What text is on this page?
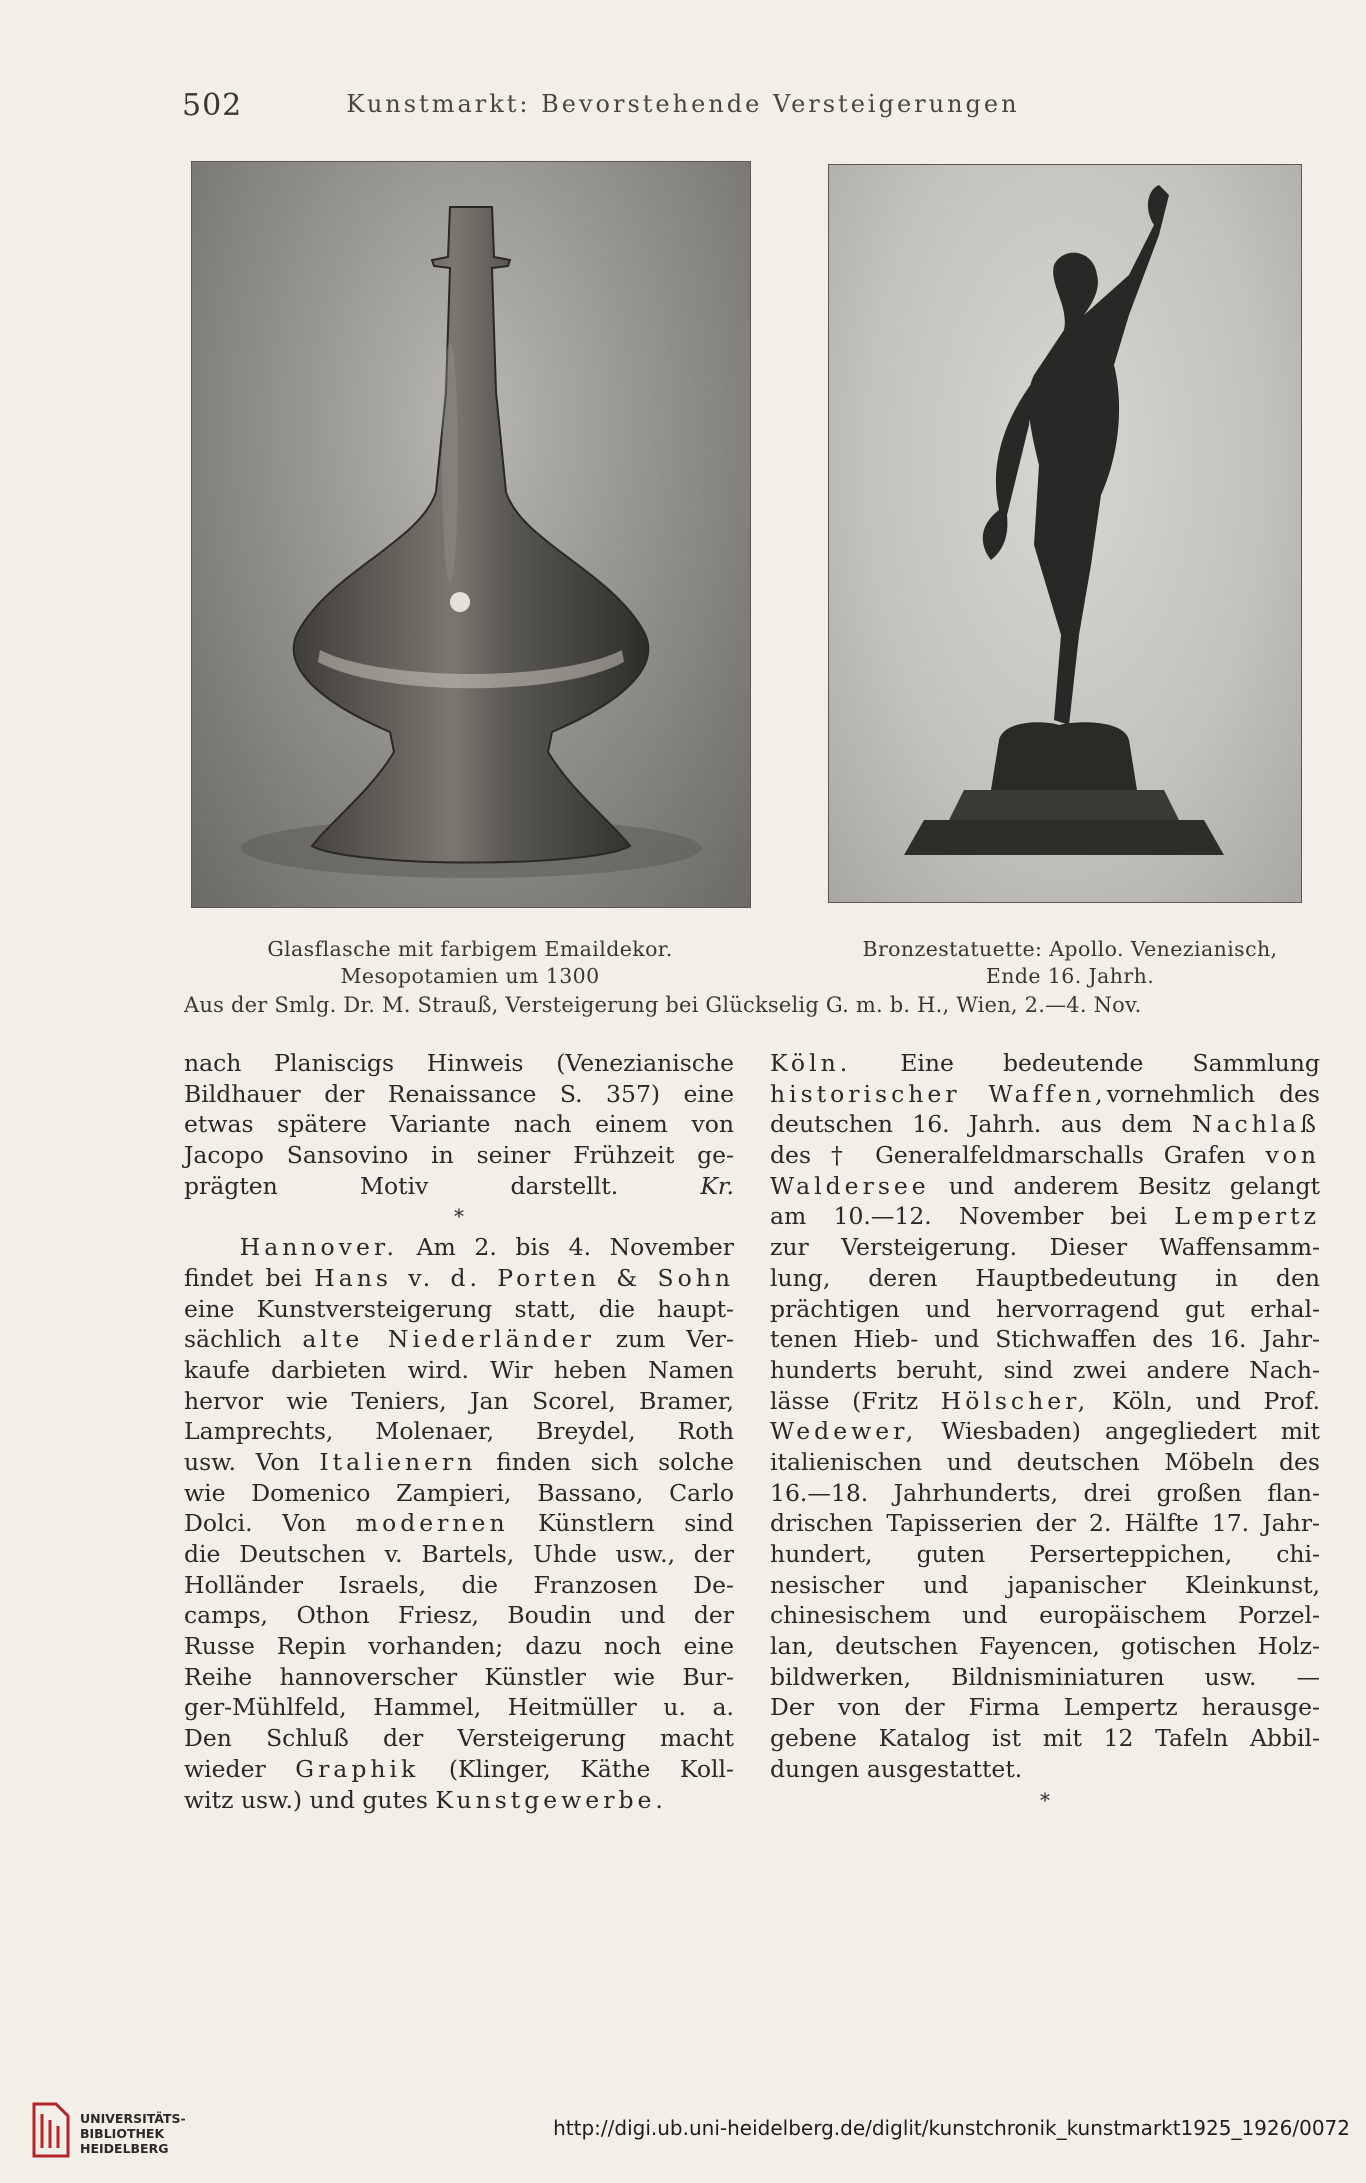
502	Kunstmarkt: Bevorstehende Versteigerungen
Glasflasche mit farbigem Emaildekor.
Mesopotamien um 1300
Bronzestatuette: Apollo. Venezianisch,
Ende 16. Jahrh.
Aus der Smlg. Dr. M. Strauß, Versteigerung bei Glückselig G. m. b. H., Wien, 2.—4. Nov.
nach Planiscigs Hinweis (Venezianische
Bildhauer der Renaissance S. 357) eine
etwas spätere Variante nach einem von
Jacopo Sansovino in seiner Frühzeit ge-
prägten Motiv darstellt.	Kr.
*
Hannover. Am 2. bis 4. November
findet bei Hans v. d. Porten & Sohn
eine Kunstversteigerung statt, die haupt-
sächlich alte Niederländer zum Ver-
kaufe darbieten wird. Wir heben Namen
hervor wie Teniers, Jan Scorel, Bramer,
Lamprechts, Molenaer, Breydel, Roth
usw. Von Italienern finden sich solche
wie Domenico Zampieri, Bassano, Carlo
Dolci. Von modernen Künstlern sind
die Deutschen v. Bartels, Uhde usw., der
Holländer Israels, die Franzosen De-
camps, Othon Friesz, Boudin und der
Russe Repin vorhanden; dazu noch eine
Reihe hannoverscher Künstler wie Bur-
ger-Mühlfeld, Hammel, Heitmüller u. a.
Den Schluß der Versteigerung macht
wieder Graphik (Klinger, Käthe Koll-
witz usw.) und gutes Kunstgewerbe.
Köln. Eine bedeutende Sammlung
historischer Waffen,vornehmlich des
deutschen 16. Jahrh. aus dem Nachlaß
des † Generalfeldmarschalls Grafen von
Waldersee und anderem Besitz gelangt
am 10.—12. November bei Lempertz
zur Versteigerung. Dieser Waffensamm-
lung, deren Hauptbedeutung in den
prächtigen und hervorragend gut erhal-
tenen Hieb- und Stichwaffen des 16. Jahr-
hunderts beruht, sind zwei andere Nach-
lässe (Fritz Hölscher, Köln, und Prof.
Wedewer, Wiesbaden) angegliedert mit
italienischen und deutschen Möbeln des
16.—18. Jahrhunderts, drei großen flan-
drischen Tapisserien der 2. Hälfte 17. Jahr-
hundert, guten Perserteppichen, chi-
nesischer und japanischer Kleinkunst,
chinesischem und europäischem Porzel-
lan, deutschen Fayencen, gotischen Holz-
bildwerken, Bildnisminiaturen usw. —
Der von der Firma Lempertz herausge-
gebene Katalog ist mit 12 Tafeln Abbil-
dungen ausgestattet.
*
UNIVERSITÄTS-
BIBLIOTHEK
HEIDELBERG
http://digi.ub.uni-heidelberg.de/diglit/kunstchronik_kunstmarkt1925_1926/0072
